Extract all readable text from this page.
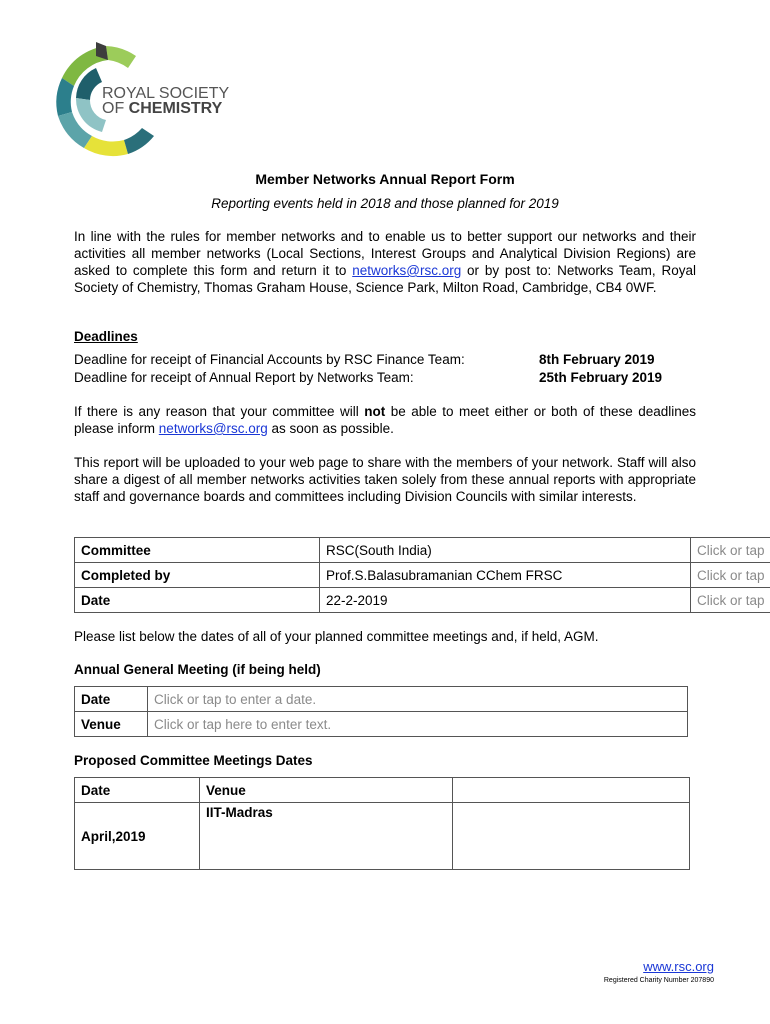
ROYAL SOCIETY
OF CHEMISTRY
Member Networks Annual Report Form
Reporting events held in 2018 and those planned for 2019
In line with the rules for member networks and to enable us to better support our networks and their activities all member networks (Local Sections, Interest Groups and Analytical Division Regions) are asked to complete this form and return it to networks@rsc.org or by post to: Networks Team, Royal Society of Chemistry, Thomas Graham House, Science Park, Milton Road, Cambridge, CB4 0WF.
Deadlines
Deadline for receipt of Financial Accounts by RSC Finance Team:	8th February 2019
Deadline for receipt of Annual Report by Networks Team:	25th February 2019
If there is any reason that your committee will not be able to meet either or both of these deadlines please inform networks@rsc.org as soon as possible.
This report will be uploaded to your web page to share with the members of your network. Staff will also share a digest of all member networks activities taken solely from these annual reports with appropriate staff and governance boards and committees including Division Councils with similar interests.
Committee	RSC(South India)	Click or tap
Completed by	Prof.S.Balasubramanian CChem FRSC	Click or tap
Date	22-2-2019	Click or tap
Please list below the dates of all of your planned committee meetings and, if held, AGM.
Annual General Meeting (if being held)
Date	Click or tap to enter a date.
Venue	Click or tap here to enter text.
Proposed Committee Meetings Dates
Date	Venue	
April,2019	IIT-Madras	
www.rsc.org
Registered Charity Number 207890
